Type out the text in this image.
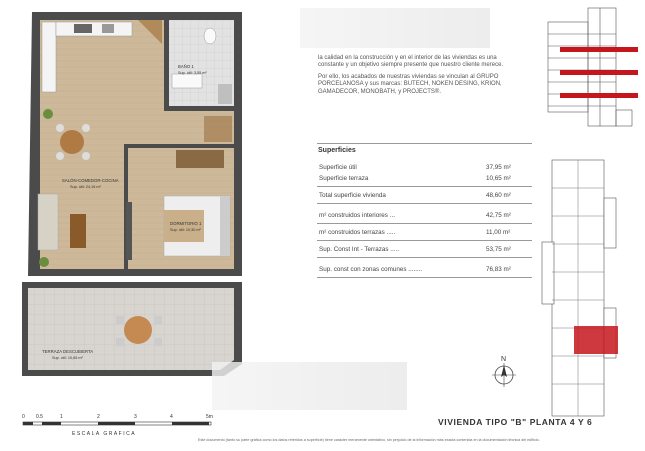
BAÑO 1
Sup. útil: 3,55 m²
SALÓN-COMEDOR-COCINA
Sup. útil: 24,15 m²
DORMITORIO 1
Sup. útil: 10,30 m²
TERRAZA DESCUBIERTA
Sup. útil: 10,65 m²

la calidad en la construcción y en el interior de las viviendas es una constante y un objetivo siempre presente que nuestro cliente merece.

Por ello, los acabados de nuestras viviendas se vinculan al GRUPO PORCELANOSA y sus marcas: BUTECH, NOKEN DESING, KRION, GAMADECOR, MONOBATH, y PROJECTS®.

Superficies
Superficie útil	37,95 m²
Superficie terraza	10,65 m²
Total superficie vivienda	48,60 m²
m² construidos interiores ...	42,75 m²
m² construidos terrazas .....	11,00 m²
Sup. Const Int - Terrazas .....	53,75 m²
Sup. const con zonas comunes ........	76,83 m²
N
0 0.5	1	2	3	4	5m
ESCALA GRAFICA
VIVIENDA TIPO "B" PLANTA 4 Y 6
Este documento (tanto su parte gráfica como los datos referidos a superficie) tiene carácter meramente orientativo, sin perjuicio de la información más exacta contenida en la documentación técnica del edificio.
